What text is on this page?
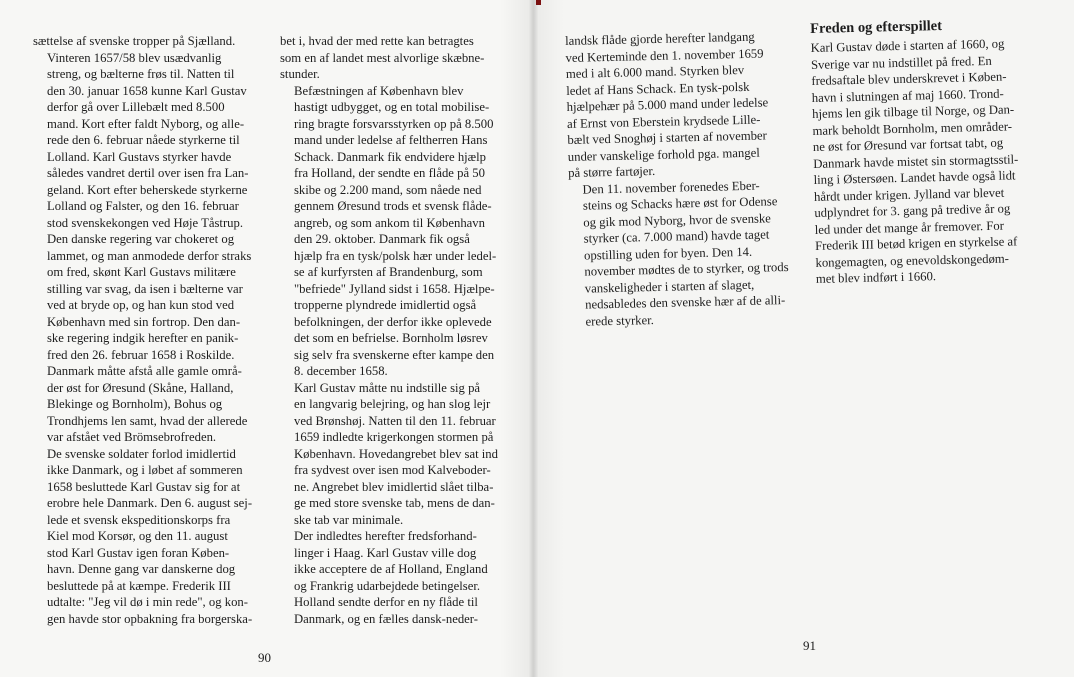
sættelse af svenske tropper på Sjælland.

Vinteren 1657/58 blev usædvanlig
streng, og bælterne frøs til. Natten til
den 30. januar 1658 kunne Karl Gustav
derfor gå over Lillebælt med 8.500
mand. Kort efter faldt Nyborg, og alle-
rede den 6. februar nåede styrkerne til
Lolland. Karl Gustavs styrker havde
således vandret dertil over isen fra Lan-
geland. Kort efter beherskede styrkerne
Lolland og Falster, og den 16. februar
stod svenskekongen ved Høje Tåstrup.

Den danske regering var chokeret og
lammet, og man anmodede derfor straks
om fred, skønt Karl Gustavs militære
stilling var svag, da isen i bælterne var
ved at bryde op, og han kun stod ved
København med sin fortrop. Den dan-
ske regering indgik herefter en panik-
fred den 26. februar 1658 i Roskilde.
Danmark måtte afstå alle gamle områ-
der øst for Øresund (Skåne, Halland,
Blekinge og Bornholm), Bohus og
Trondhjems len samt, hvad der allerede
var afstået ved Brömsebrofreden.

De svenske soldater forlod imidlertid
ikke Danmark, og i løbet af sommeren
1658 besluttede Karl Gustav sig for at
erobre hele Danmark. Den 6. august sej-
lede et svensk ekspeditionskorps fra
Kiel mod Korsør, og den 11. august
stod Karl Gustav igen foran Køben-
havn. Denne gang var danskerne dog
besluttede på at kæmpe. Frederik III
udtalte: "Jeg vil dø i min rede", og kon-
gen havde stor opbakning fra borgerska-

bet i, hvad der med rette kan betragtes
som en af landet mest alvorlige skæbne-
stunder.

Befæstningen af København blev
hastigt udbygget, og en total mobilise-
ring bragte forsvarsstyrken op på 8.500
mand under ledelse af feltherren Hans
Schack. Danmark fik endvidere hjælp
fra Holland, der sendte en flåde på 50
skibe og 2.200 mand, som nåede ned
gennem Øresund trods et svensk flåde-
angreb, og som ankom til København
den 29. oktober. Danmark fik også
hjælp fra en tysk/polsk hær under ledel-
se af kurfyrsten af Brandenburg, som
"befriede" Jylland sidst i 1658. Hjælpe-
tropperne plyndrede imidlertid også
befolkningen, der derfor ikke oplevede
det som en befrielse. Bornholm løsrev
sig selv fra svenskerne efter kampe den
8. december 1658.

Karl Gustav måtte nu indstille sig på
en langvarig belejring, og han slog lejr
ved Brønshøj. Natten til den 11. februar
1659 indledte krigerkongen stormen på
København. Hovedangrebet blev sat ind
fra sydvest over isen mod Kalveboder-
ne. Angrebet blev imidlertid slået tilba-
ge med store svenske tab, mens de dan-
ske tab var minimale.

Der indledtes herefter fredsforhand-
linger i Haag. Karl Gustav ville dog
ikke acceptere de af Holland, England
og Frankrig udarbejdede betingelser.
Holland sendte derfor en ny flåde til
Danmark, og en fælles dansk-neder-

90

landsk flåde gjorde herefter landgang
ved Kerteminde den 1. november 1659
med i alt 6.000 mand. Styrken blev
ledet af Hans Schack. En tysk-polsk
hjælpehær på 5.000 mand under ledelse
af Ernst von Eberstein krydsede Lille-
bælt ved Snoghøj i starten af november
under vanskelige forhold pga. mangel
på større fartøjer.

Den 11. november forenedes Eber-
steins og Schacks hære øst for Odense
og gik mod Nyborg, hvor de svenske
styrker (ca. 7.000 mand) havde taget
opstilling uden for byen. Den 14.
november mødtes de to styrker, og trods
vanskeligheder i starten af slaget,
nedsabledes den svenske hær af de alli-
erede styrker.

Freden og efterspillet

Karl Gustav døde i starten af 1660, og
Sverige var nu indstillet på fred. En
fredsaftale blev underskrevet i Køben-
havn i slutningen af maj 1660. Trond-
hjems len gik tilbage til Norge, og Dan-
mark beholdt Bornholm, men områder-
ne øst for Øresund var fortsat tabt, og
Danmark havde mistet sin stormagtsstil-
ling i Østersøen. Landet havde også lidt
hårdt under krigen. Jylland var blevet
udplyndret for 3. gang på tredive år og
led under det mange år fremover. For
Frederik III betød krigen en styrkelse af
kongemagten, og enevoldskongedøm-
met blev indført i 1660.

91
